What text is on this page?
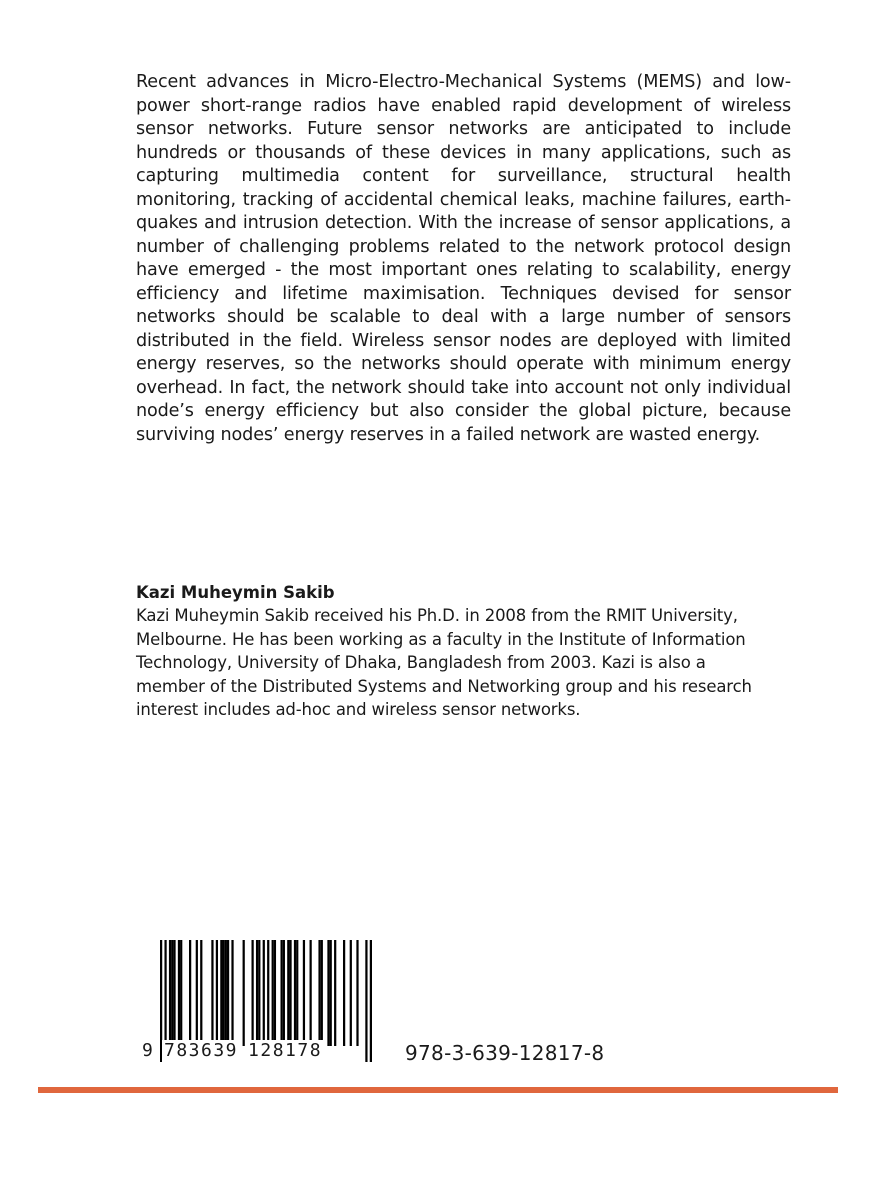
Recent advances in Micro-Electro-Mechanical Systems (MEMS) and low-power short-range radios have enabled rapid development of wireless sensor networks. Future sensor networks are anticipated to include hundreds or thousands of these devices in many applications, such as capturing multimedia content for surveillance, structural health monitoring, tracking of accidental chemical leaks, machine failures, earth-quakes and intrusion detection. With the increase of sensor applications, a number of challenging problems related to the network protocol design have emerged - the most important ones relating to scalability, energy efficiency and lifetime maximisation. Techniques devised for sensor networks should be scalable to deal with a large number of sensors distributed in the field. Wireless sensor nodes are deployed with limited energy reserves, so the networks should operate with minimum energy overhead. In fact, the network should take into account not only individual node’s energy efficiency but also consider the global picture, because surviving nodes’ energy reserves in a failed network are wasted energy.

Kazi Muheymin Sakib

Kazi Muheymin Sakib received his Ph.D. in 2008 from the RMIT University, Melbourne. He has been working as a faculty in the Institute of Information Technology, University of Dhaka, Bangladesh from 2003. Kazi is also a member of the Distributed Systems and Networking group and his research interest includes ad-hoc and wireless sensor networks.

9 783639 128178	978-3-639-12817-8
